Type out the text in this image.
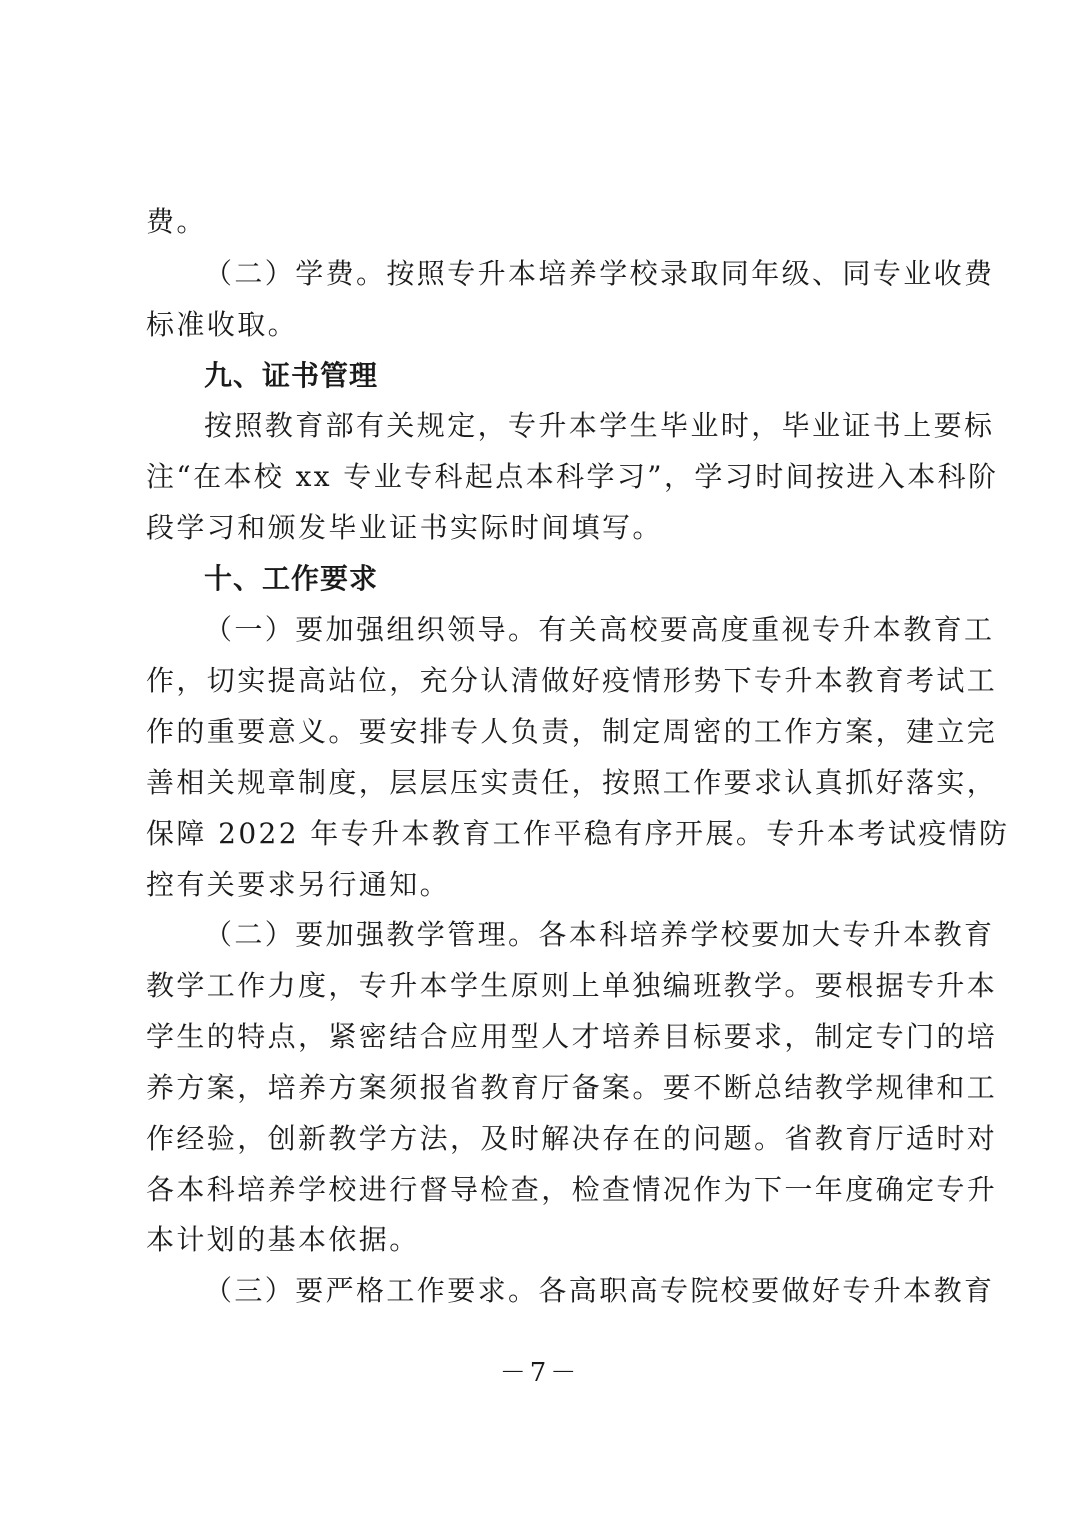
费。
（二）学费。按照专升本培养学校录取同年级、同专业收费
标准收取。
九、证书管理
按照教育部有关规定，专升本学生毕业时，毕业证书上要标
注“在本校 xx 专业专科起点本科学习”，学习时间按进入本科阶
段学习和颁发毕业证书实际时间填写。
十、工作要求
（一）要加强组织领导。有关高校要高度重视专升本教育工
作，切实提高站位，充分认清做好疫情形势下专升本教育考试工
作的重要意义。要安排专人负责，制定周密的工作方案，建立完
善相关规章制度，层层压实责任，按照工作要求认真抓好落实，
保障 2022 年专升本教育工作平稳有序开展。专升本考试疫情防
控有关要求另行通知。
（二）要加强教学管理。各本科培养学校要加大专升本教育
教学工作力度，专升本学生原则上单独编班教学。要根据专升本
学生的特点，紧密结合应用型人才培养目标要求，制定专门的培
养方案，培养方案须报省教育厅备案。要不断总结教学规律和工
作经验，创新教学方法，及时解决存在的问题。省教育厅适时对
各本科培养学校进行督导检查，检查情况作为下一年度确定专升
本计划的基本依据。
（三）要严格工作要求。各高职高专院校要做好专升本教育
－7－
